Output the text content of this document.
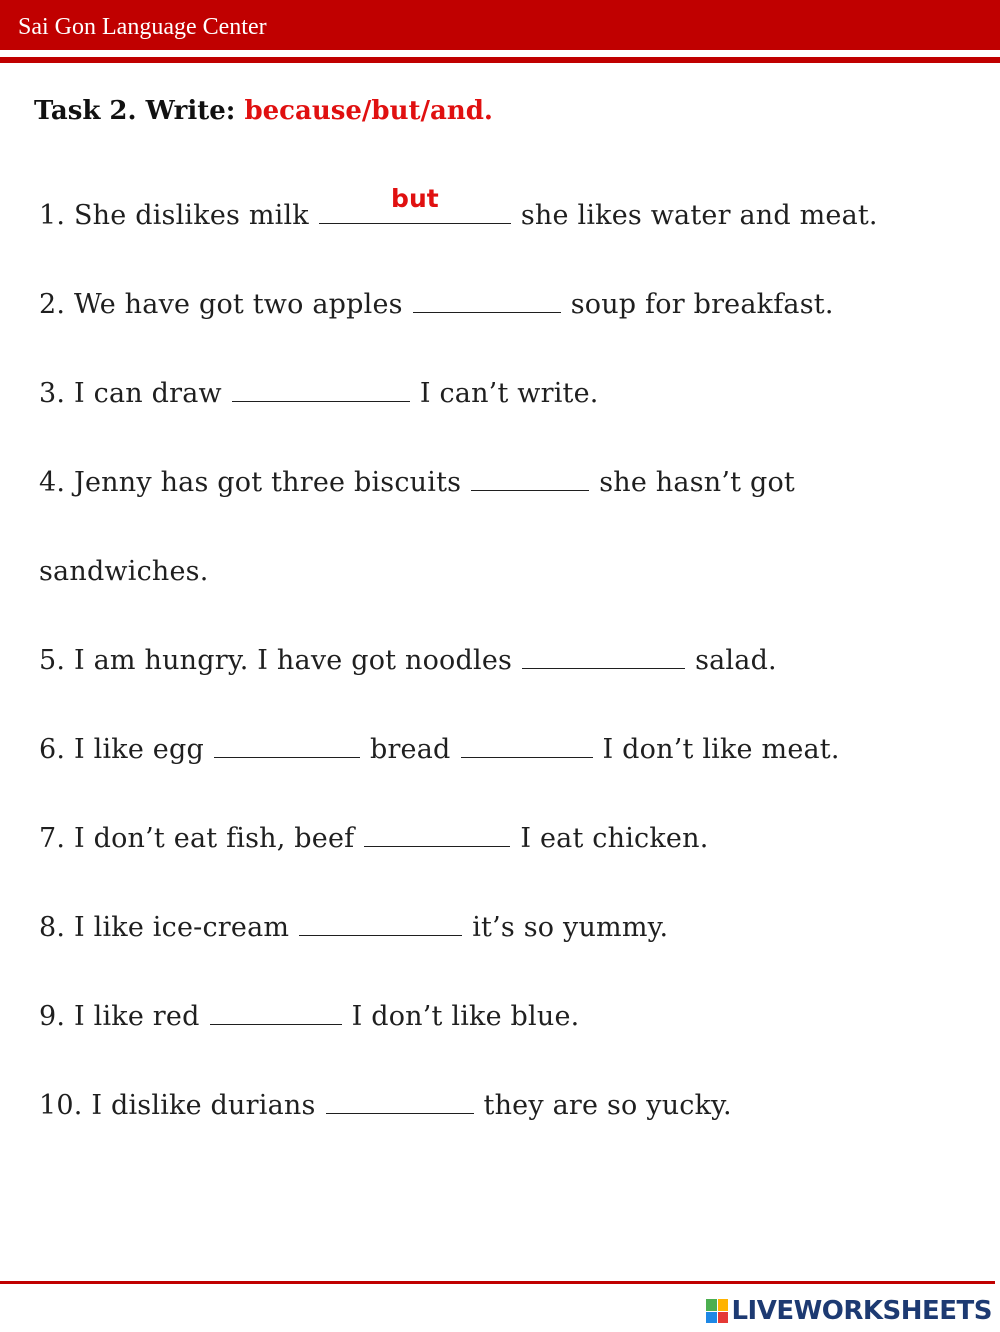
Sai Gon Language Center
Task 2. Write: because/but/and.
1. She dislikes milk
but	she likes water and meat.
2. We have got two apples	soup for breakfast.
3. I can draw	I can’t write.
4. Jenny has got three biscuits	she hasn’t got
sandwiches.
5. I am hungry. I have got noodles	salad.
6. I like egg	bread	I don’t like meat.
7. I don’t eat fish, beef	I eat chicken.
8. I like ice-cream	it’s so yummy.
9. I like red	I don’t like blue.
10. I dislike durians	they are so yucky.
LIVEWORKSHEETS
